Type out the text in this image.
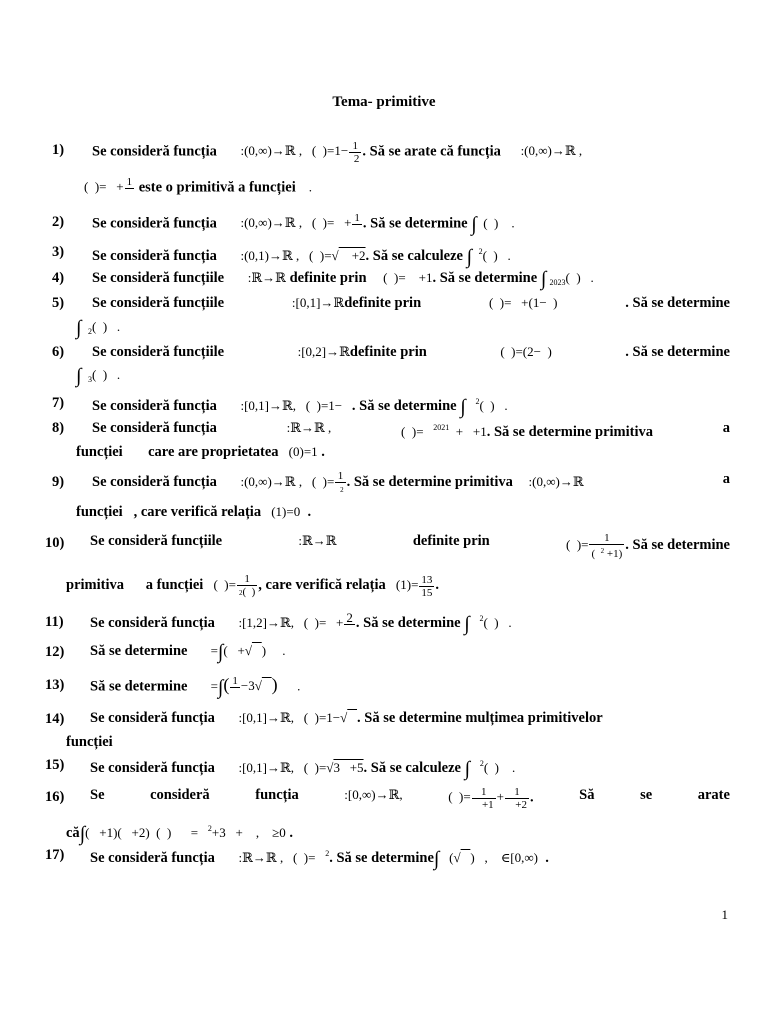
Tema- primitive
1) Se consideră funcția :(0,∞)→ℝ ,   (  )$=1- \frac{1}{2}$ . Să se arate că funcția :(0,∞)→ℝ ,
(  )=   + 1
este o primitivă a funcției    .
2) Se consideră funcția :(0,∞)→ℝ ,   (  )=   + 1
. Să se determine ∫  (  )    .
3) Se consideră funcția :(0,1)→ℝ ,   (  )=√    +2. Să se calculeze ∫ $^2$(  )   .
4) Se consideră funcțiile :ℝ→ℝ definite prin     (  )=    +1. Să se determine ∫ $_{2023}$(  )   .
5) Se consideră funcțiile	:[0,1]→ℝdefinite prin	(  )=   +(1−  )	. Să se determine
∫ $_2$(  )   .
6) Se consideră funcțiile	:[0,2]→ℝdefinite prin	(  )=(2−  )	. Să se determine
∫ $_3$(  )   .
7) Se consideră funcția :[0,1]→ℝ,   (  )=1−   . Să se determine ∫ $^2$(  )   .
8) Se consideră funcția	:ℝ→ℝ ,	(  )=   $^{2021}$  +   +1. Să se determine primitiva	a
funcției care are proprietatea   (0)=1 .
9) Se consideră funcția :(0,∞)→ℝ ,   (  )= $\frac{1}{2}$ . Să se determine primitiva :(0,∞)→ℝ	a
funcției , care verifică relația   (1)=0  .
10) Se consideră funcțiile	:ℝ→ℝ	definite prin	(  )= $\frac{1}{( ^2 +1)}$ . Să se determine
primitiva a funcției   (  )= $\frac{1}{2( )}$ , care verifică relația   $(1)= \frac{13}{15}$ .
11) Se consideră funcția :[1,2]→ℝ,   (  )=   + 2
. Să se determine ∫ $^2$(  )   .
12) Să se determine       =∫(   +√ )     .
13) Să se determine       =∫( 1
−3√ )      .
14) Se consideră funcția :[0,1]→ℝ,   (  )=1−√ . Să se determine mulțimea primitivelor
funcției
15) Se consideră funcția :[0,1]→ℝ,   (  )=√3   +5. Să se calculeze ∫ $^2$(  )    .
16) Se	consideră	funcția	:[0,∞)→ℝ,	(  )= $\frac{1}{+1} + \frac{1}{+2}$ .	Să	se	arate
că∫(   +1)(   +2)  (  )      =   $^2$+3   +    ,    ≥0 .
17) Se consideră funcția :ℝ→ℝ ,   (  )=   $^2$. Să se determine∫   (√ )   ,    ∈[0,∞)  .
1
